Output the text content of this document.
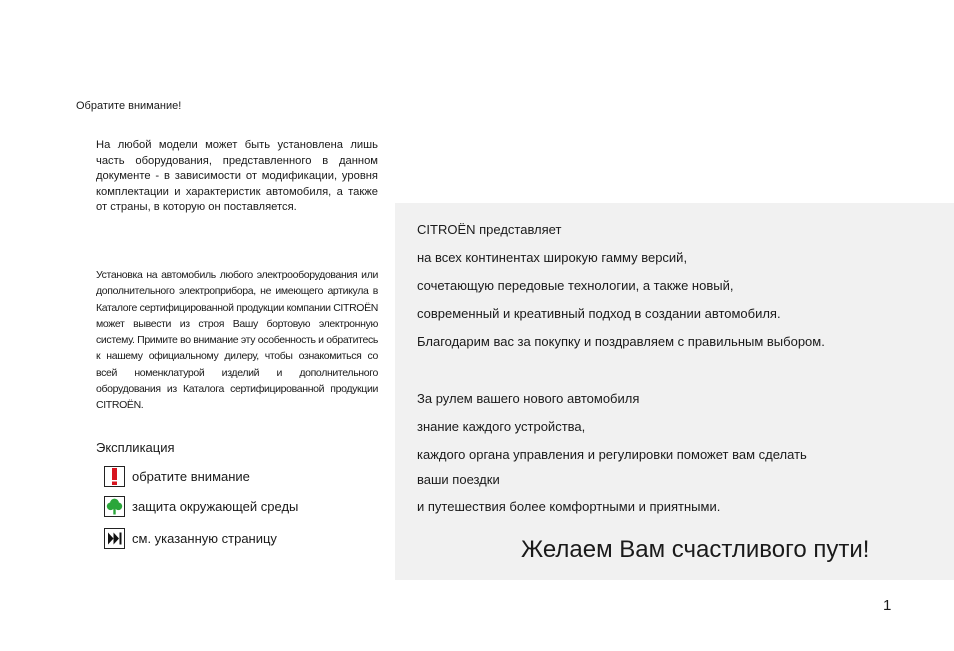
Обратите внимание!
На любой модели может быть установлена лишь часть оборудования, представленного в данном документе - в зависимости от модификации, уровня комплектации и характеристик автомобиля, а также от страны, в которую он поставляется.
Установка на автомобиль любого электрооборудования или дополнительного электроприбора, не имеющего артикула в Каталоге сертифицированной продукции компании CITROËN может вывести из строя Вашу бортовую электронную систему. Примите во внимание эту особенность и обратитесь к нашему официальному дилеру, чтобы ознакомиться со всей номенклатурой изделий и дополнительного оборудования из Каталога сертифицированной продукции CITROËN.
Экспликация
обратите внимание
защита окружающей среды
см. указанную страницу
CITROËN представляет
на всех континентах широкую гамму версий,
сочетающую передовые технологии, а также новый,
современный и креативный подход в создании автомобиля.
Благодарим вас за покупку и поздравляем с правильным выбором.
За рулем вашего нового автомобиля
знание каждого устройства,
каждого органа управления и регулировки поможет вам сделать
ваши поездки
и путешествия более комфортными и приятными.
Желаем Вам счастливого пути!
1
